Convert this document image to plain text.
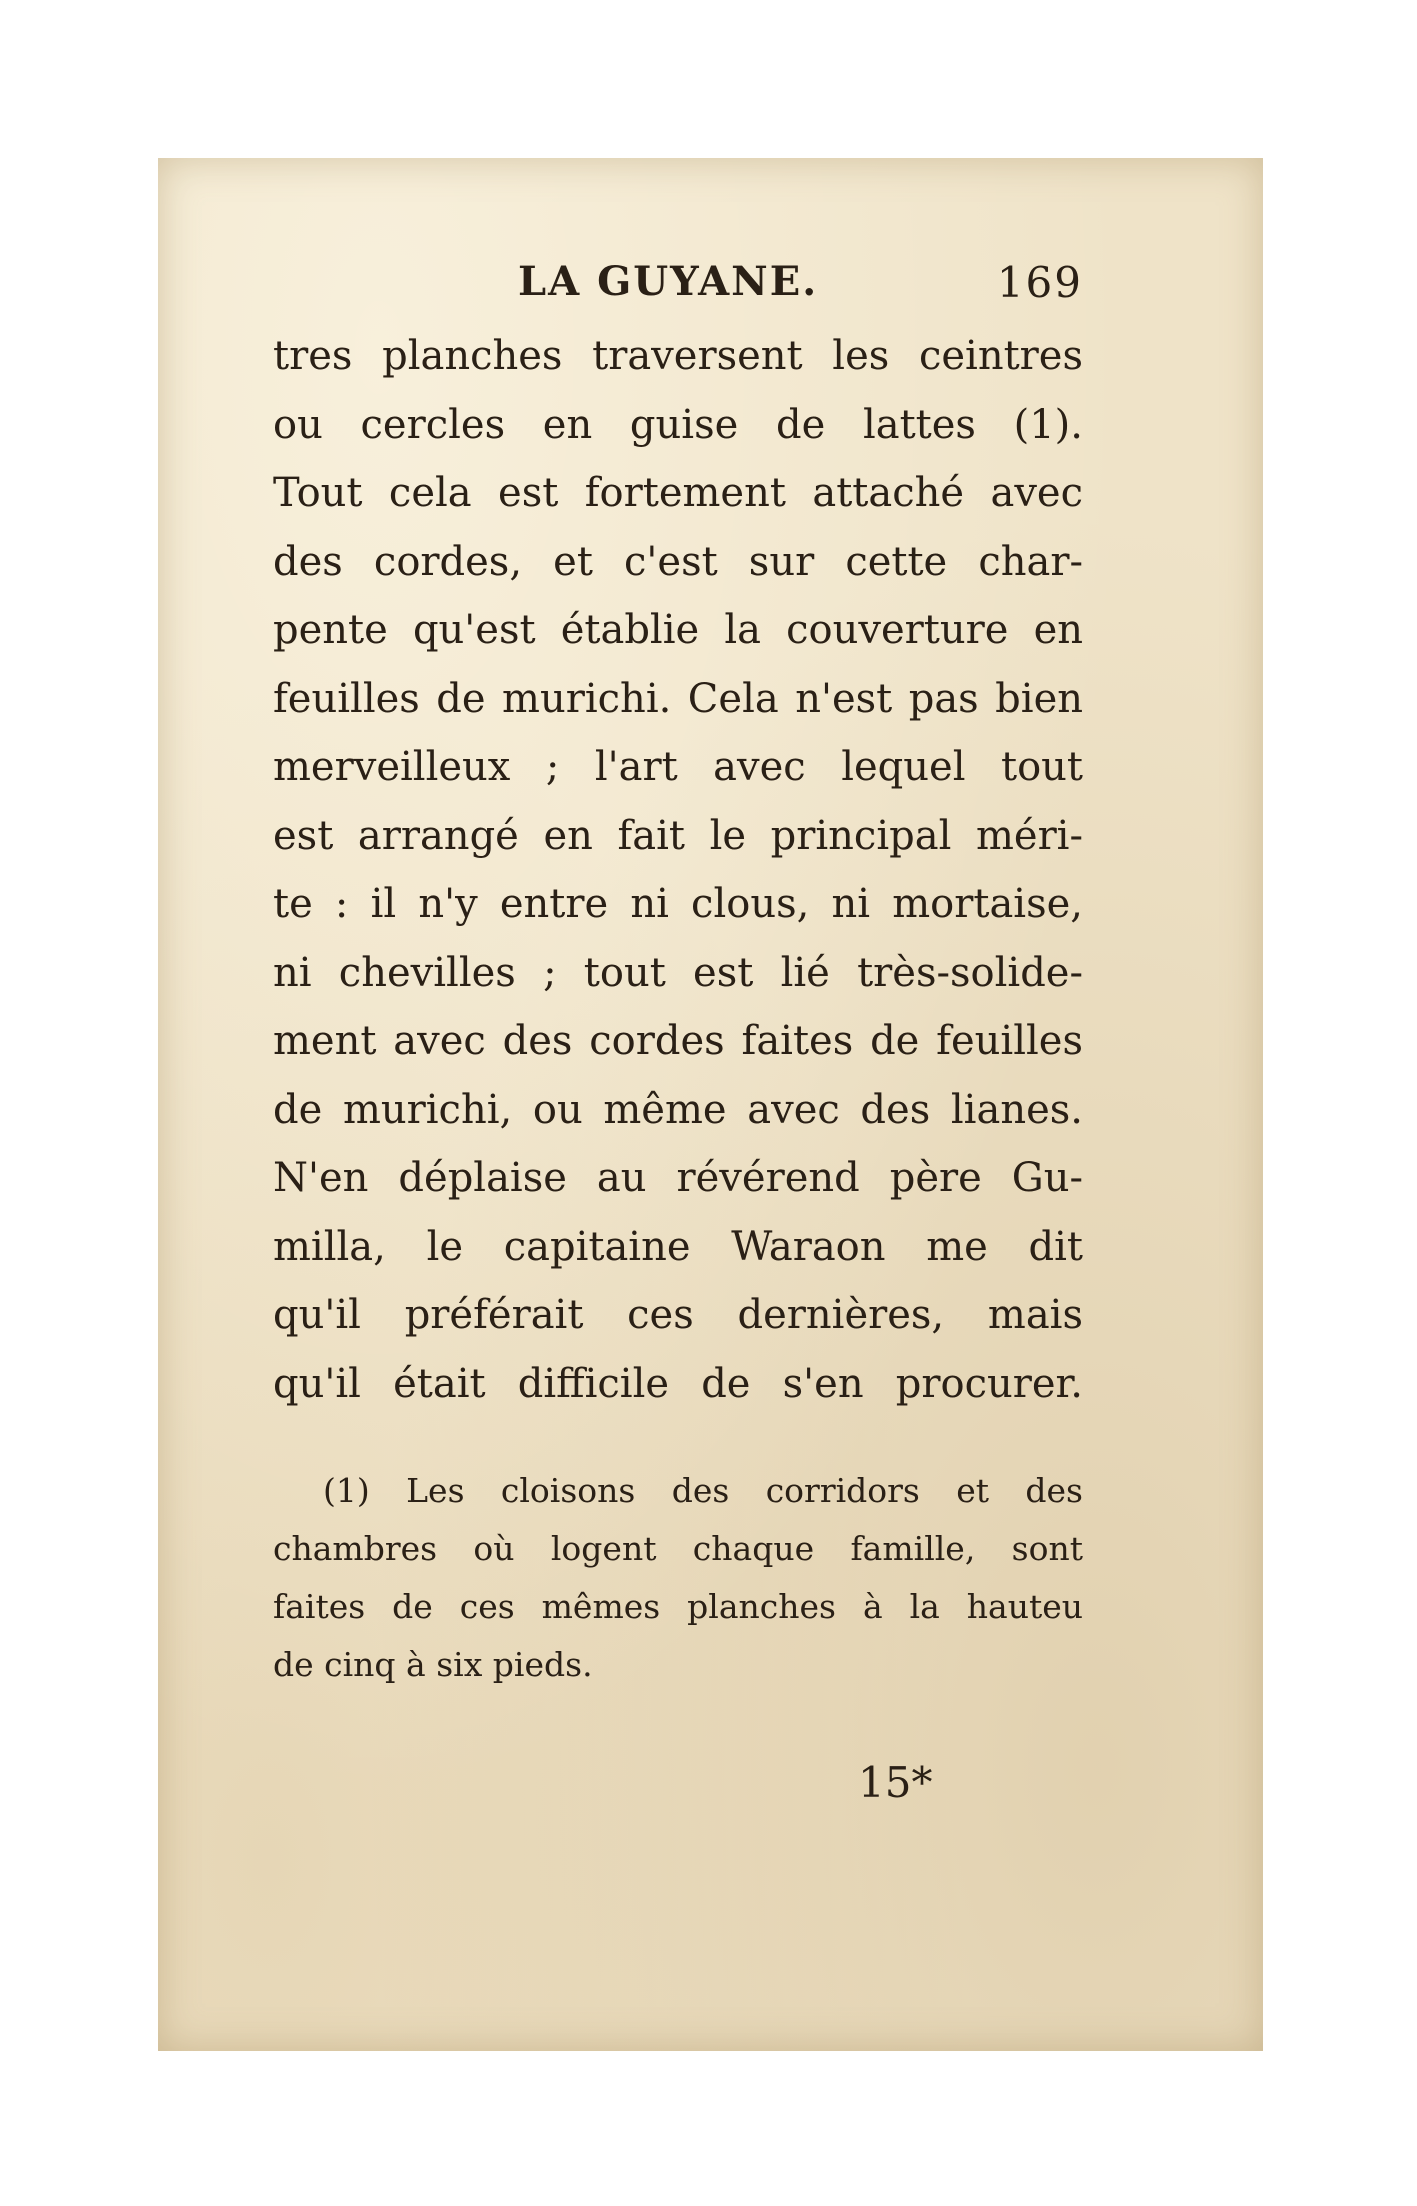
LA GUYANE.	169
tres planches traversent les ceintres
ou cercles en guise de lattes (1).
Tout cela est fortement attaché avec
des cordes, et c'est sur cette char-
pente qu'est établie la couverture en
feuilles de murichi. Cela n'est pas bien
merveilleux ; l'art avec lequel tout
est arrangé en fait le principal méri-
te : il n'y entre ni clous, ni mortaise,
ni chevilles ; tout est lié très-solide-
ment avec des cordes faites de feuilles
de murichi, ou même avec des lianes.
N'en déplaise au révérend père Gu-
milla, le capitaine Waraon me dit
qu'il préférait ces dernières, mais
qu'il était difficile de s'en procurer.
(1) Les cloisons des corridors et des
chambres où logent chaque famille, sont
faites de ces mêmes planches à la hauteu
de cinq à six pieds.
15*
